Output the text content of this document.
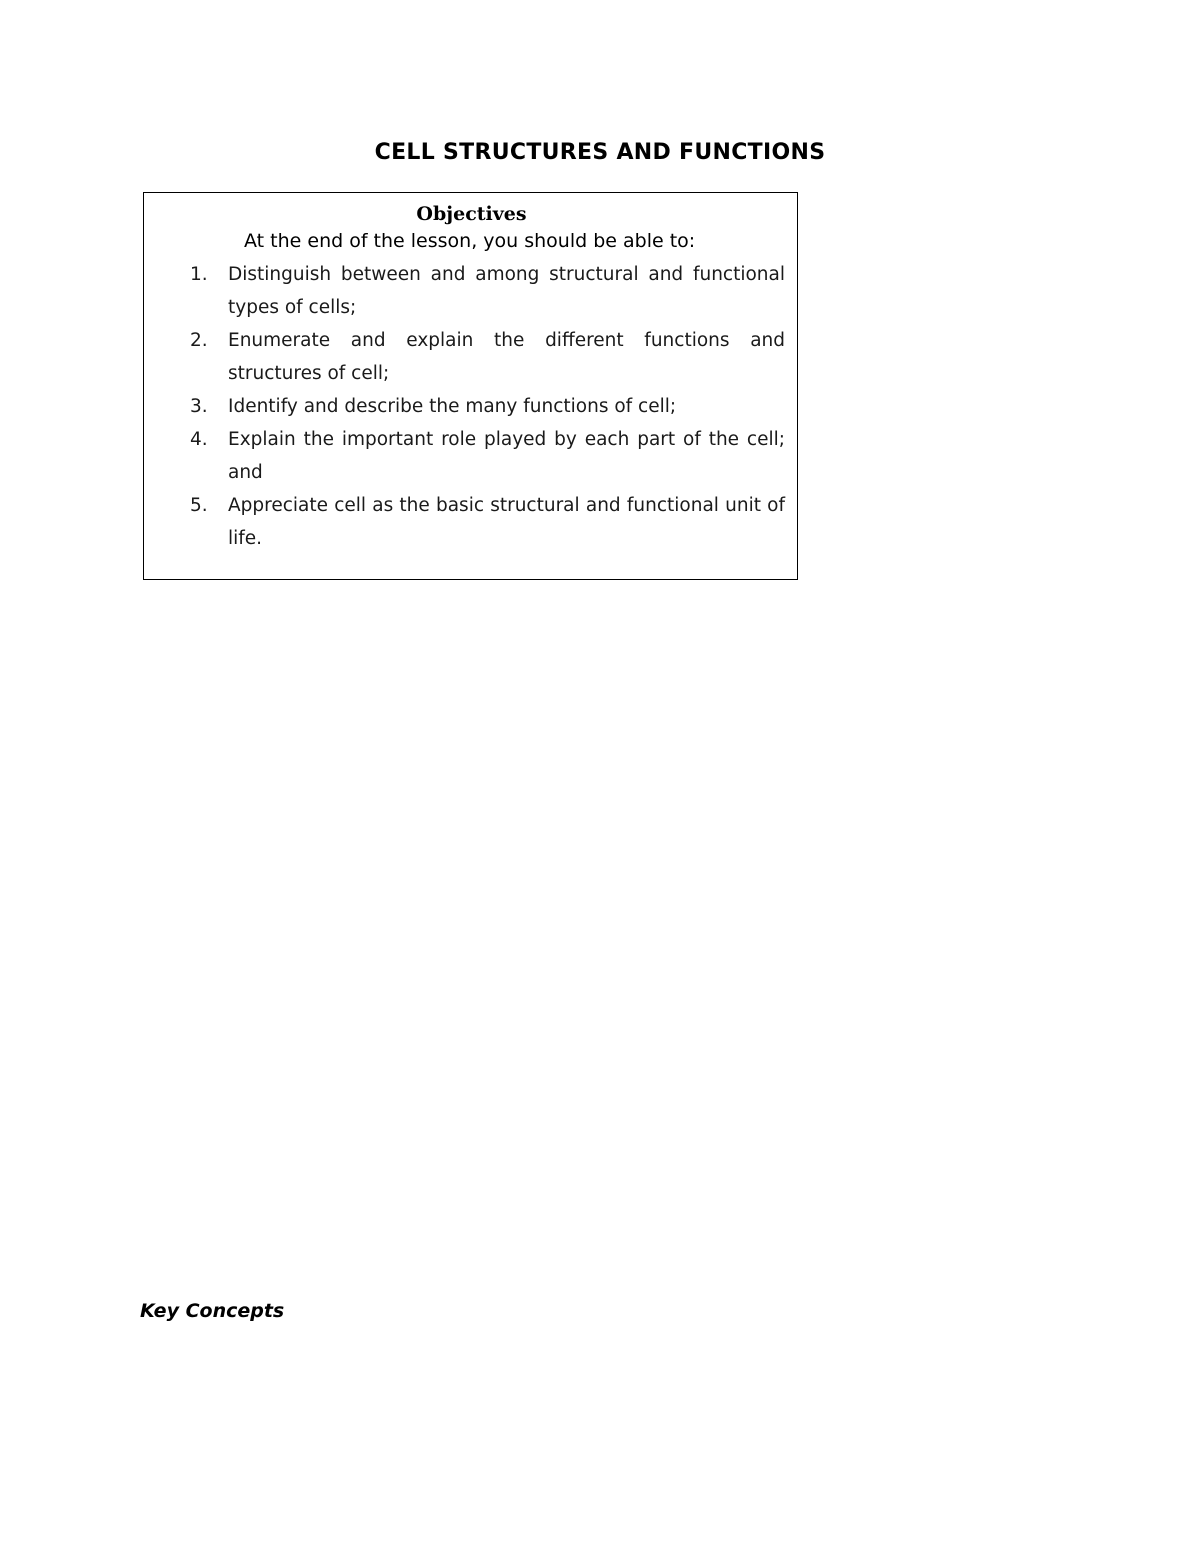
CELL STRUCTURES AND FUNCTIONS
Objectives
At the end of the lesson, you should be able to:
1. Distinguish between and among structural and functional types of cells;
2. Enumerate and explain the different functions and structures of cell;
3. Identify and describe the many functions of cell;
4. Explain the important role played by each part of the cell; and
5. Appreciate cell as the basic structural and functional unit of life.
Key Concepts
